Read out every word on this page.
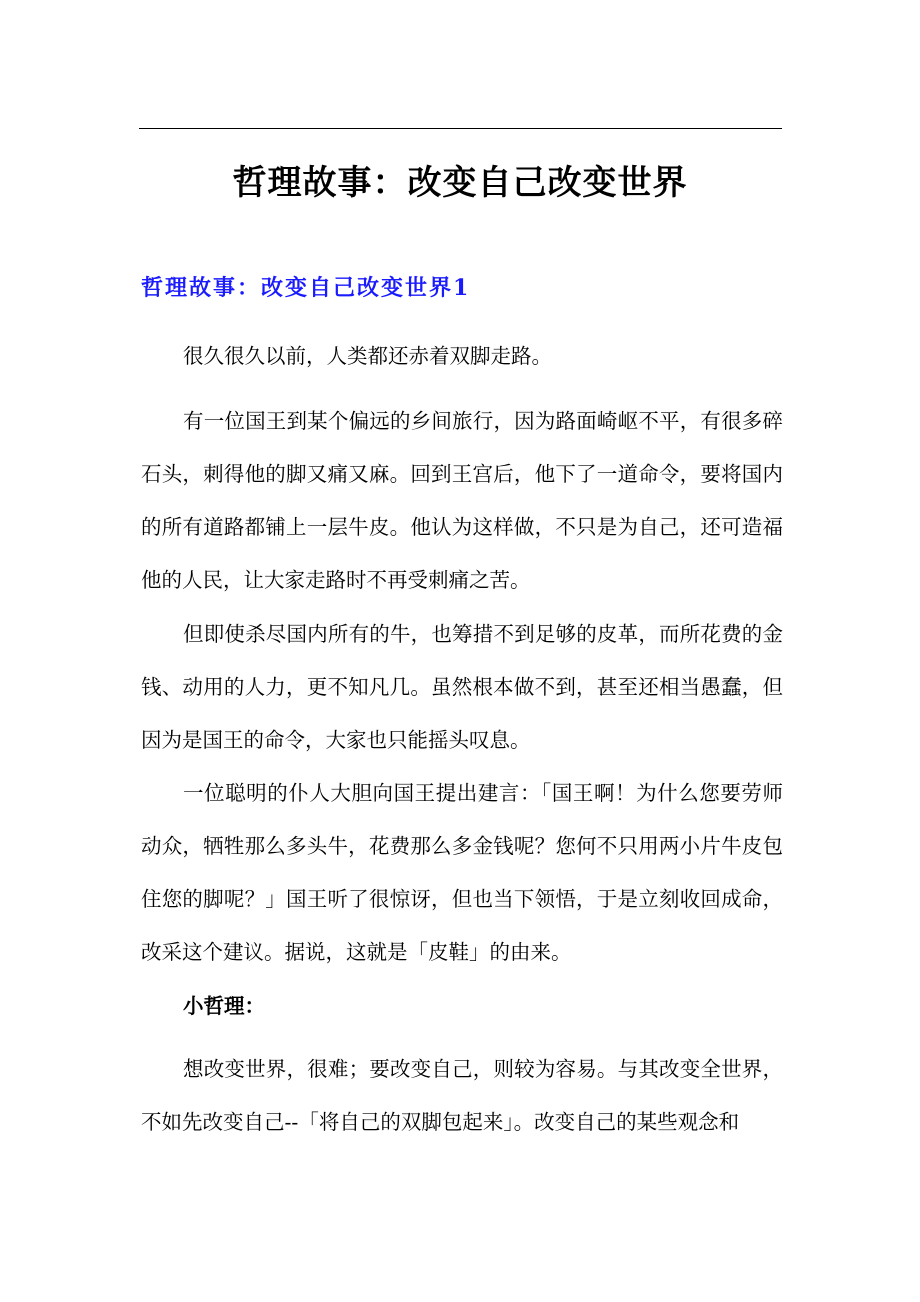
哲理故事：改变自己改变世界
哲理故事：改变自己改变世界1

很久很久以前，人类都还赤着双脚走路。

有一位国王到某个偏远的乡间旅行，因为路面崎岖不平，有很多碎石头，刺得他的脚又痛又麻。回到王宫后，他下了一道命令，要将国内的所有道路都铺上一层牛皮。他认为这样做，不只是为自己，还可造福他的人民，让大家走路时不再受刺痛之苦。

但即使杀尽国内所有的牛，也筹措不到足够的皮革，而所花费的金钱、动用的人力，更不知凡几。虽然根本做不到，甚至还相当愚蠢，但因为是国王的命令，大家也只能摇头叹息。

一位聪明的仆人大胆向国王提出建言：「国王啊！为什么您要劳师动众，牺牲那么多头牛，花费那么多金钱呢？您何不只用两小片牛皮包住您的脚呢？」国王听了很惊讶，但也当下领悟，于是立刻收回成命，改采这个建议。据说，这就是「皮鞋」的由来。

小哲理：

想改变世界，很难；要改变自己，则较为容易。与其改变全世界，不如先改变自己--「将自己的双脚包起来」。改变自己的某些观念和
